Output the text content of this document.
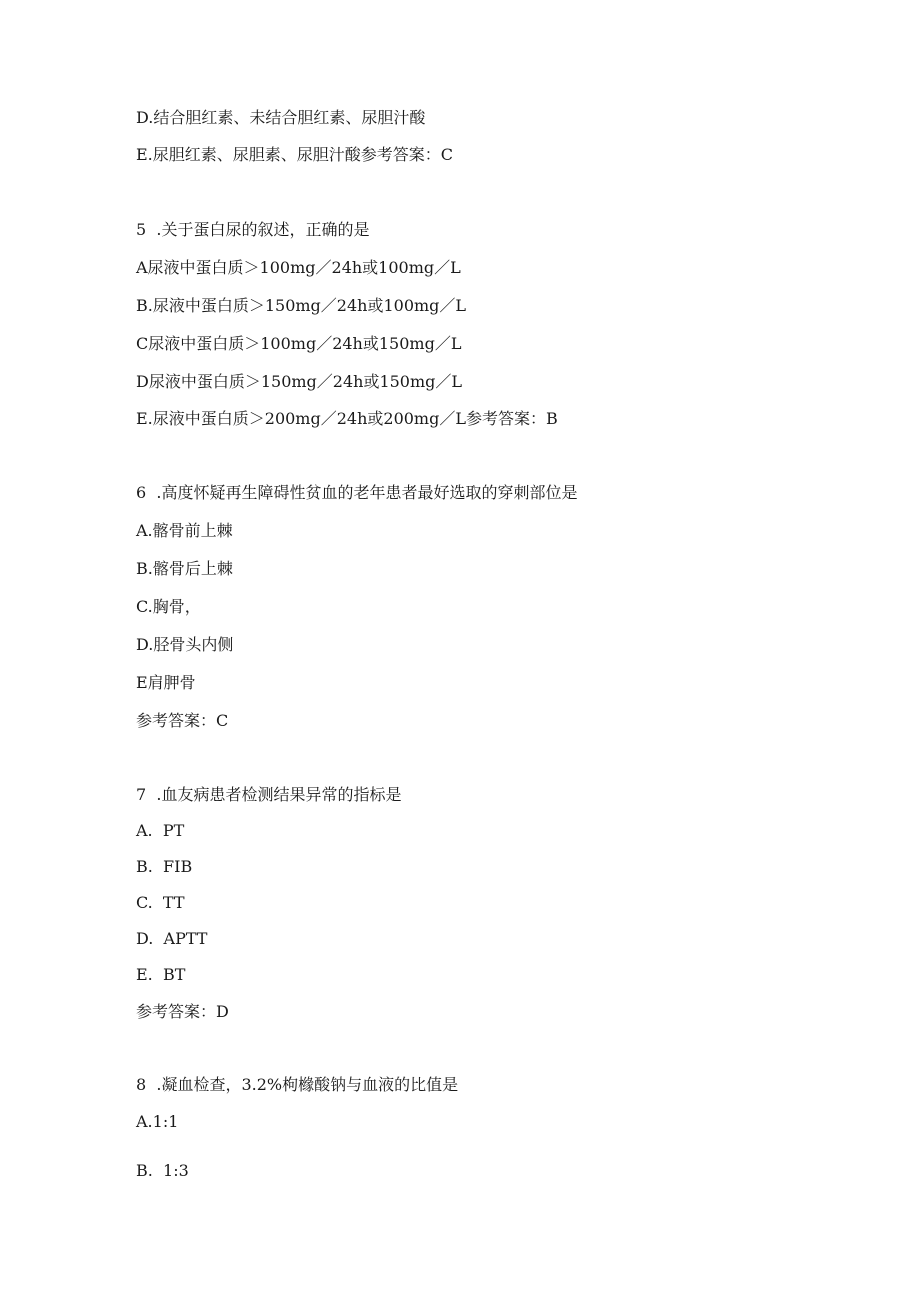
D.结合胆红素、未结合胆红素、尿胆汁酸
E.尿胆红素、尿胆素、尿胆汁酸参考答案：C
5  .关于蛋白尿的叙述，正确的是
A尿液中蛋白质＞100mg／24h或100mg／L
B.尿液中蛋白质＞150mg／24h或100mg／L
C尿液中蛋白质＞100mg／24h或150mg／L
D尿液中蛋白质＞150mg／24h或150mg／L
E.尿液中蛋白质＞200mg／24h或200mg／L参考答案：B
6  .高度怀疑再生障碍性贫血的老年患者最好选取的穿刺部位是
A.髂骨前上棘
B.髂骨后上棘
C.胸骨，
D.胫骨头内侧
E肩胛骨
参考答案：C
7  .血友病患者检测结果异常的指标是
A.  PT
B.  FIB
C.  TT
D.  APTT
E.  BT
参考答案：D
8  .凝血检查，3.2%枸橼酸钠与血液的比值是
A.1:1
B.  1:3
